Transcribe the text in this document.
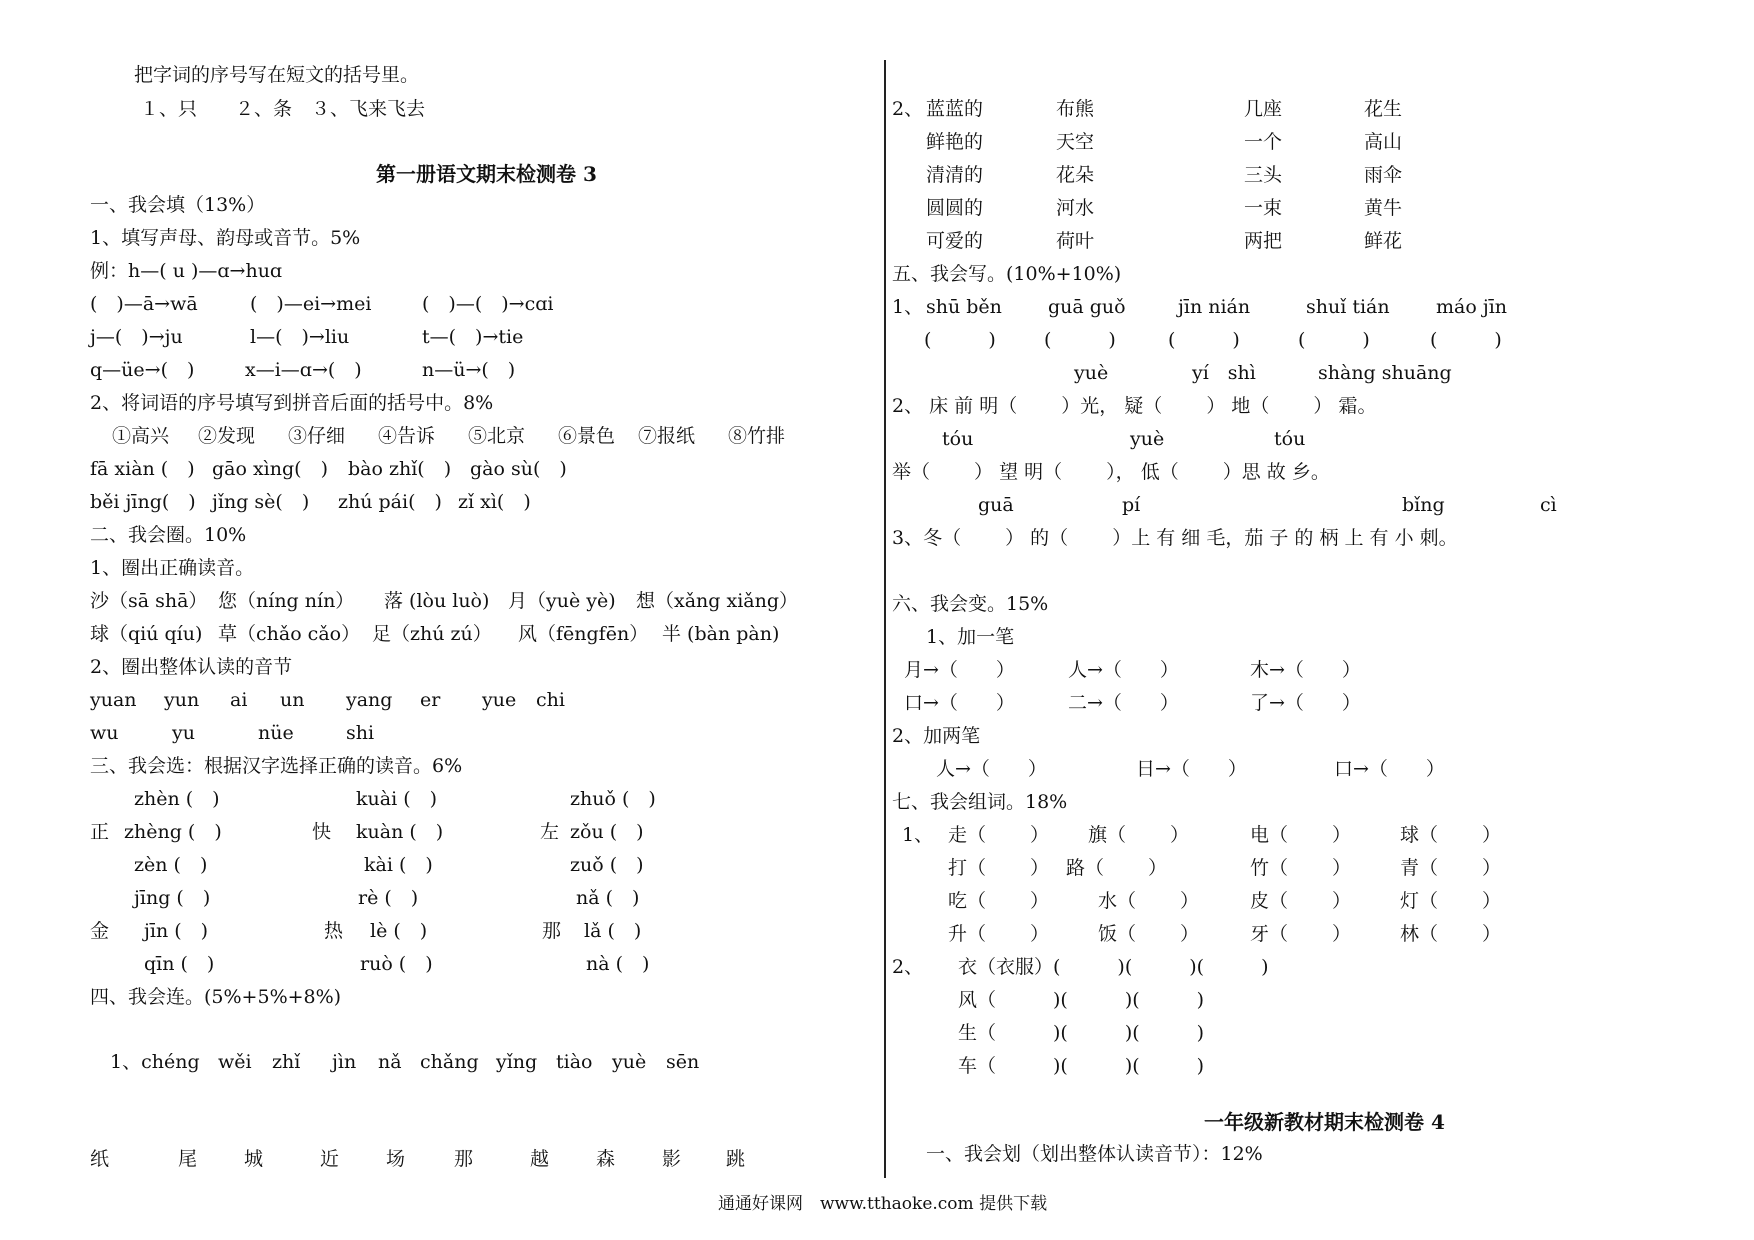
把字词的序号写在短文的括号里。
１、只　　２、条　３、飞来飞去
第一册语文期末检测卷 3
一、我会填（13%）
1、填写声母、韵母或音节。5%
例：h—( u )—ɑ→huɑ
(　)—ā→wā	(　)—ei→mei	(　)—(　)→cɑi
j—(　)→ju	l—(　)→liu	t—(　)→tie
q—üe→(　)	x—i—ɑ→(　)	n—ü→(　)
2、将词语的序号填写到拼音后面的括号中。8%
①高兴 ②发现 ③仔细 ④告诉 ⑤北京 ⑥景色 ⑦报纸 ⑧竹排
fā xiàn (　) gāo xìng(　) bào zhǐ(　) gào sù(　)
běi jīng(　) jǐng sè(　) zhú pái(　) zǐ xì(　)
二、我会圈。10%
1、圈出正确读音。
沙（sā shā） 您（níng nín） 落 (lòu luò) 月（yuè yè) 想（xǎng xiǎng）
球（qiú qíu) 草（chǎo cǎo） 足（zhú zú） 风（fēngfēn） 半 (bàn pàn)
2、圈出整体认读的音节
yuan yun ai un yang er yue chi
wu	yu	nüe	shi
三、我会选：根据汉字选择正确的读音。6%
zhèn (　)	kuài (　)	zhuǒ (　)
正 zhèng (　)	快 kuàn (　)	左 zǒu (　)
zèn (　)	kài (　)	zuǒ (　)
jīng (　)	rè (　)	nǎ (　)
金 jīn (　)	热 lè (　)	那 lǎ (　)
qīn (　)	ruò (　)	nà (　)
四、我会连。(5%+5%+8%)
1、chéng wěi zhǐ jìn nǎ chǎng yǐng tiào yuè sēn
纸	尾 城	近 场	那	越 森 影 跳
2、 蓝蓝的	布熊	几座	花生
鲜艳的	天空	一个	高山
清清的	花朵	三头	雨伞
圆圆的	河水	一束	黄牛
可爱的	荷叶	两把	鲜花
五、我会写。(10%+10%)
1、 shū běn guā guǒ	jīn nián	shuǐ tián máo jīn
(　　　)	(　　　)	(　　　)	(　　　)	(　　　)
yuè	yí　shì	shàng shuāng
2、 床 前 明（　　 ）光， 疑（　　 ） 地（　　 ） 霜。
tóu	yuè	tóu
举（　　 ） 望 明（　　 ）， 低（　　 ）思 故 乡。
guā	pí	bǐng	cì
3、冬（　　 ） 的（　　 ）上 有 细 毛，茄 子 的 柄 上 有 小 刺。
六、我会变。15%
1、加一笔
月→（　　）	人→（　　）	木→（　　）
口→（　　）	二→（　　）	了→（　　）
2、加两笔
人→（　　）	日→（　　）	口→（　　）
七、我会组词。18%
1、 走（　　 ） 旗（　　 ）	电（　　 ）	球（　　 ）
打（　　 ） 路（　　 ）	竹（　　 ）	青（　　 ）
吃（　　 ）	水（　　 ）	皮（　　 ）	灯（　　 ）
升（　　 ）	饭（　　 ）	牙（　　 ）	林（　　 ）
2、 衣（衣服）(　　　)(　　　)(　　　)
风（　　　)(　　　)(　　　)
生（　　　)(　　　)(　　　)
车（　　　)(　　　)(　　　)
一年级新教材期末检测卷 4
一、我会划（划出整体认读音节）：12%
通通好课网　www.tthaoke.com 提供下载
